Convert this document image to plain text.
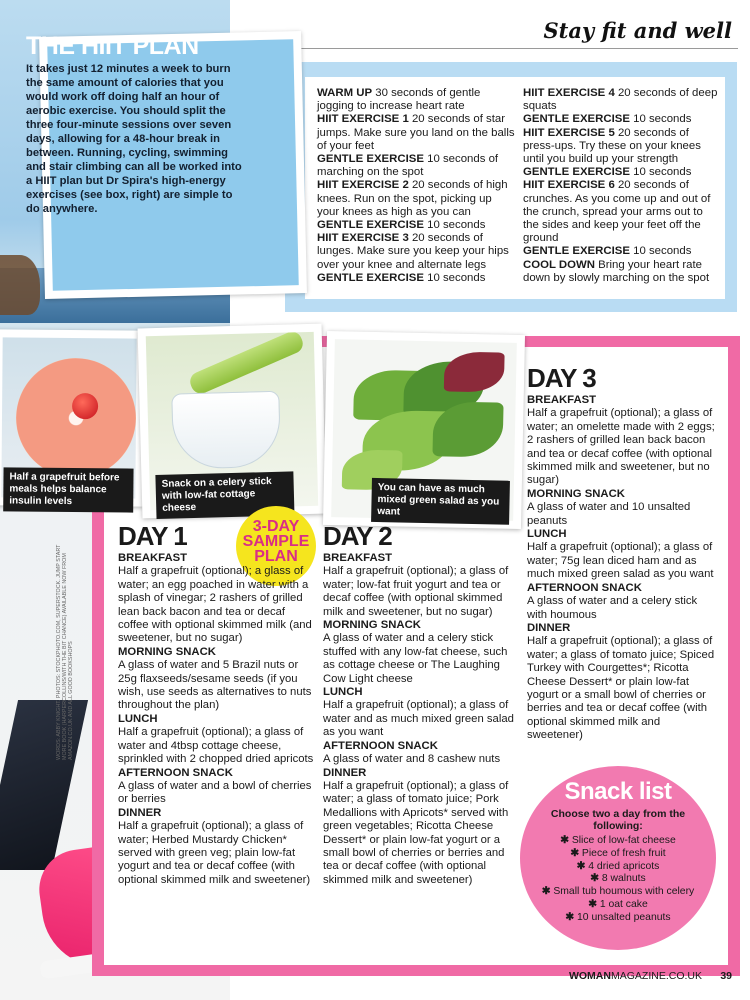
Stay fit and well

WARM UP 30 seconds of gentle jogging to increase heart rate

HIIT EXERCISE 1 20 seconds of star jumps. Make sure you land on the balls of your feet

GENTLE EXERCISE 10 seconds of marching on the spot

HIIT EXERCISE 2 20 seconds of high knees. Run on the spot, picking up your knees as high as you can

GENTLE EXERCISE 10 seconds

HIIT EXERCISE 3 20 seconds of lunges. Make sure you keep your hips over your knee and alternate legs

GENTLE EXERCISE 10 seconds

HIIT EXERCISE 4 20 seconds of deep squats

GENTLE EXERCISE 10 seconds

HIIT EXERCISE 5 20 seconds of press-ups. Try these on your knees until you build up your strength

GENTLE EXERCISE 10 seconds

HIIT EXERCISE 6 20 seconds of crunches. As you come up and out of the crunch, spread your arms out to the sides and keep your feet off the ground

GENTLE EXERCISE 10 seconds

COOL DOWN Bring your heart rate down by slowly marching on the spot

THE HIIT PLAN

It takes just 12 minutes a week to burn the same amount of calories that you would work off doing half an hour of aerobic exercise. You should split the three four-minute sessions over seven days, allowing for a 48-hour break in between. Running, cycling, swimming and stair climbing can all be worked into a HIIT plan but Dr Spira's high-energy exercises (see box, right) are simple to do anywhere.

Half a grapefruit before meals helps balance insulin levels
Snack on a celery stick with low-fat cottage cheese
You can have as much mixed green salad as you want
3-DAY
SAMPLE
PLAN
WORDS: ABBY KNIGHT. PHOTOS: STOCKPHOTO.COM, SUPERSTOCK. JUMP START MORE BOOK (HARPERCOLLINS/WITH THE BIT CHANCE) AVAILABLE NOW FROM AMAZON.CO.UK AND ALL GOOD BOOKSHOPS
DAY 1

BREAKFAST

Half a grapefruit (optional); a glass of water; an egg poached in water with a splash of vinegar; 2 rashers of grilled lean back bacon and tea or decaf coffee with optional skimmed milk (and sweetener, but no sugar)

MORNING SNACK

A glass of water and 5 Brazil nuts or 25g flaxseeds/sesame seeds (if you wish, use seeds as alternatives to nuts throughout the plan)

LUNCH

Half a grapefruit (optional); a glass of water and 4tbsp cottage cheese, sprinkled with 2 chopped dried apricots

AFTERNOON SNACK

A glass of water and a bowl of cherries or berries

DINNER

Half a grapefruit (optional); a glass of water; Herbed Mustardy Chicken* served with green veg; plain low-fat yogurt and tea or decaf coffee (with optional skimmed milk and sweetener)

DAY 2

BREAKFAST

Half a grapefruit (optional); a glass of water; low-fat fruit yogurt and tea or decaf coffee (with optional skimmed milk and sweetener, but no sugar)

MORNING SNACK

A glass of water and a celery stick stuffed with any low-fat cheese, such as cottage cheese or The Laughing Cow Light cheese

LUNCH

Half a grapefruit (optional); a glass of water and as much mixed green salad as you want

AFTERNOON SNACK

A glass of water and 8 cashew nuts

DINNER

Half a grapefruit (optional); a glass of water; a glass of tomato juice; Pork Medallions with Apricots* served with green vegetables; Ricotta Cheese Dessert* or plain low-fat yogurt or a small bowl of cherries or berries and tea or decaf coffee (with optional skimmed milk and sweetener)

DAY 3

BREAKFAST

Half a grapefruit (optional); a glass of water; an omelette made with 2 eggs; 2 rashers of grilled lean back bacon and tea or decaf coffee (with optional skimmed milk and sweetener, but no sugar)

MORNING SNACK

A glass of water and 10 unsalted peanuts

LUNCH

Half a grapefruit (optional); a glass of water; 75g lean diced ham and as much mixed green salad as you want

AFTERNOON SNACK

A glass of water and a celery stick with houmous

DINNER

Half a grapefruit (optional); a glass of water; a glass of tomato juice; Spiced Turkey with Courgettes*; Ricotta Cheese Dessert* or plain low-fat yogurt or a small bowl of cherries or berries and tea or decaf coffee (with optional skimmed milk and sweetener)

Snack list
Choose two a day from the following:
✱ Slice of low-fat cheese
✱ Piece of fresh fruit
✱ 4 dried apricots
✱ 8 walnuts
✱ Small tub houmous with celery
✱ 1 oat cake
✱ 10 unsalted peanuts
WOMANMAGAZINE.CO.UK 39
